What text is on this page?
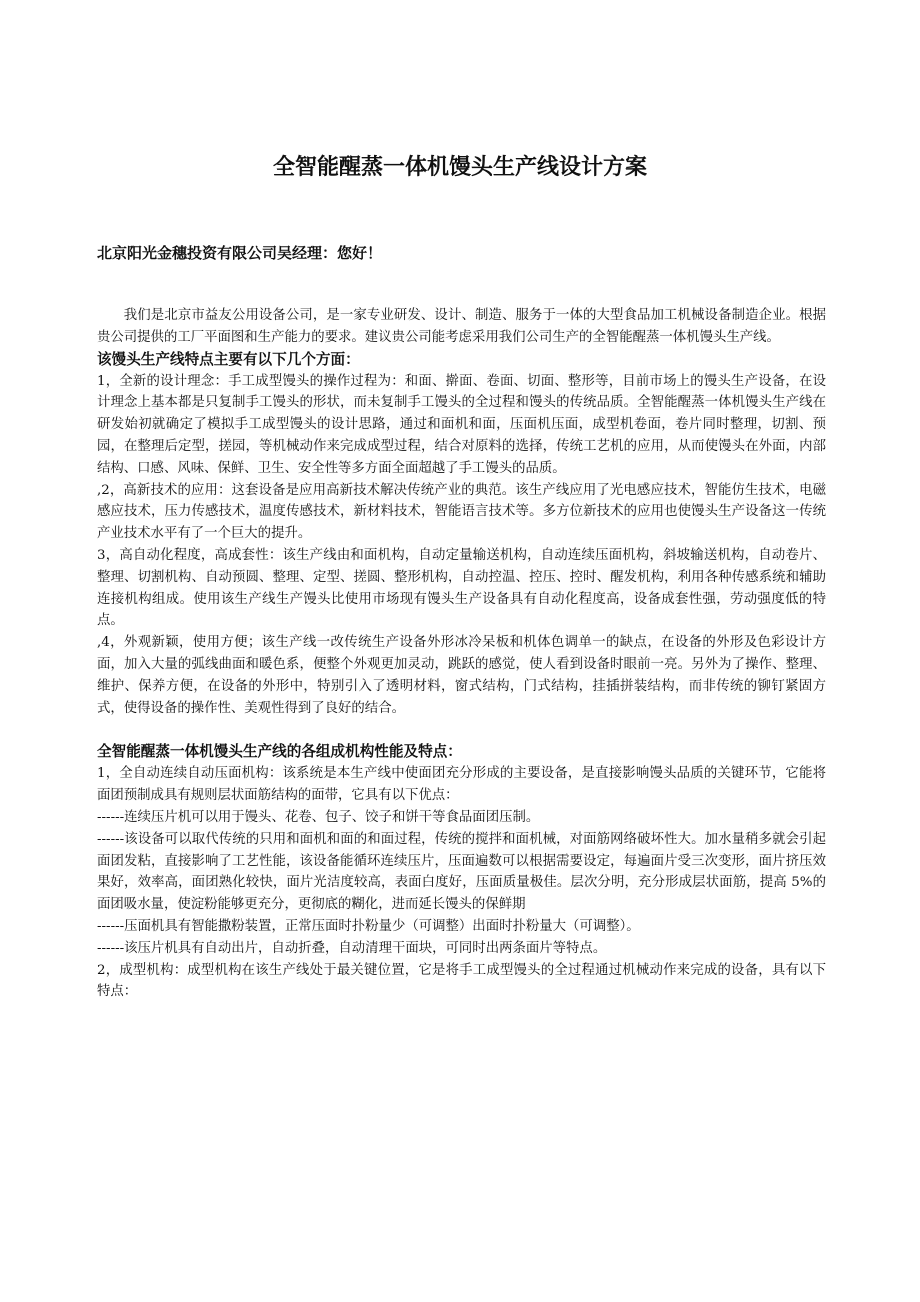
全智能醒蒸一体机馒头生产线设计方案
北京阳光金穗投资有限公司吴经理：您好！

我们是北京市益友公用设备公司，是一家专业研发、设计、制造、服务于一体的大型食品加工机械设备制造企业。根据贵公司提供的工厂平面图和生产能力的要求。建议贵公司能考虑采用我们公司生产的全智能醒蒸一体机馒头生产线。

该馒头生产线特点主要有以下几个方面：

1，全新的设计理念：手工成型馒头的操作过程为：和面、擀面、卷面、切面、整形等，目前市场上的馒头生产设备，在设计理念上基本都是只复制手工馒头的形状，而未复制手工馒头的全过程和馒头的传统品质。全智能醒蒸一体机馒头生产线在研发始初就确定了模拟手工成型馒头的设计思路，通过和面机和面，压面机压面，成型机卷面，卷片同时整理，切割、预园，在整理后定型，搓园，等机械动作来完成成型过程，结合对原料的选择，传统工艺机的应用，从而使馒头在外面，内部结构、口感、风味、保鲜、卫生、安全性等多方面全面超越了手工馒头的品质。

,2，高新技术的应用：这套设备是应用高新技术解决传统产业的典范。该生产线应用了光电感应技术，智能仿生技术，电磁感应技术，压力传感技术，温度传感技术，新材料技术，智能语言技术等。多方位新技术的应用也使馒头生产设备这一传统产业技术水平有了一个巨大的提升。

3，高自动化程度，高成套性：该生产线由和面机构，自动定量输送机构，自动连续压面机构，斜坡输送机构，自动卷片、整理、切割机构、自动预圆、整理、定型、搓圆、整形机构，自动控温、控压、控时、醒发机构，利用各种传感系统和辅助连接机构组成。使用该生产线生产馒头比使用市场现有馒头生产设备具有自动化程度高，设备成套性强，劳动强度低的特点。

,4，外观新颖，使用方便；该生产线一改传统生产设备外形冰冷呆板和机体色调单一的缺点，在设备的外形及色彩设计方面，加入大量的弧线曲面和暖色系，便整个外观更加灵动，跳跃的感觉，使人看到设备时眼前一亮。另外为了操作、整理、维护、保养方便，在设备的外形中，特别引入了透明材料，窗式结构，门式结构，挂插拼装结构，而非传统的铆钉紧固方式，使得设备的操作性、美观性得到了良好的结合。

全智能醒蒸一体机馒头生产线的各组成机构性能及特点：

1，全自动连续自动压面机构：该系统是本生产线中使面团充分形成的主要设备，是直接影响馒头品质的关键环节，它能将面团预制成具有规则层状面筋结构的面带，它具有以下优点：

------连续压片机可以用于馒头、花卷、包子、饺子和饼干等食品面团压制。

------该设备可以取代传统的只用和面机和面的和面过程，传统的搅拌和面机械，对面筋网络破坏性大。加水量稍多就会引起面团发粘，直接影响了工艺性能，该设备能循环连续压片，压面遍数可以根据需要设定，每遍面片受三次变形，面片挤压效果好，效率高，面团熟化较快，面片光洁度较高，表面白度好，压面质量极佳。层次分明，充分形成层状面筋，提高 5%的面团吸水量，使淀粉能够更充分，更彻底的糊化，进而延长馒头的保鲜期

------压面机具有智能撒粉装置，正常压面时扑粉量少（可调整）出面时扑粉量大（可调整）。

------该压片机具有自动出片，自动折叠，自动清理干面块，可同时出两条面片等特点。

2，成型机构：成型机构在该生产线处于最关键位置，它是将手工成型馒头的全过程通过机械动作来完成的设备，具有以下特点：
